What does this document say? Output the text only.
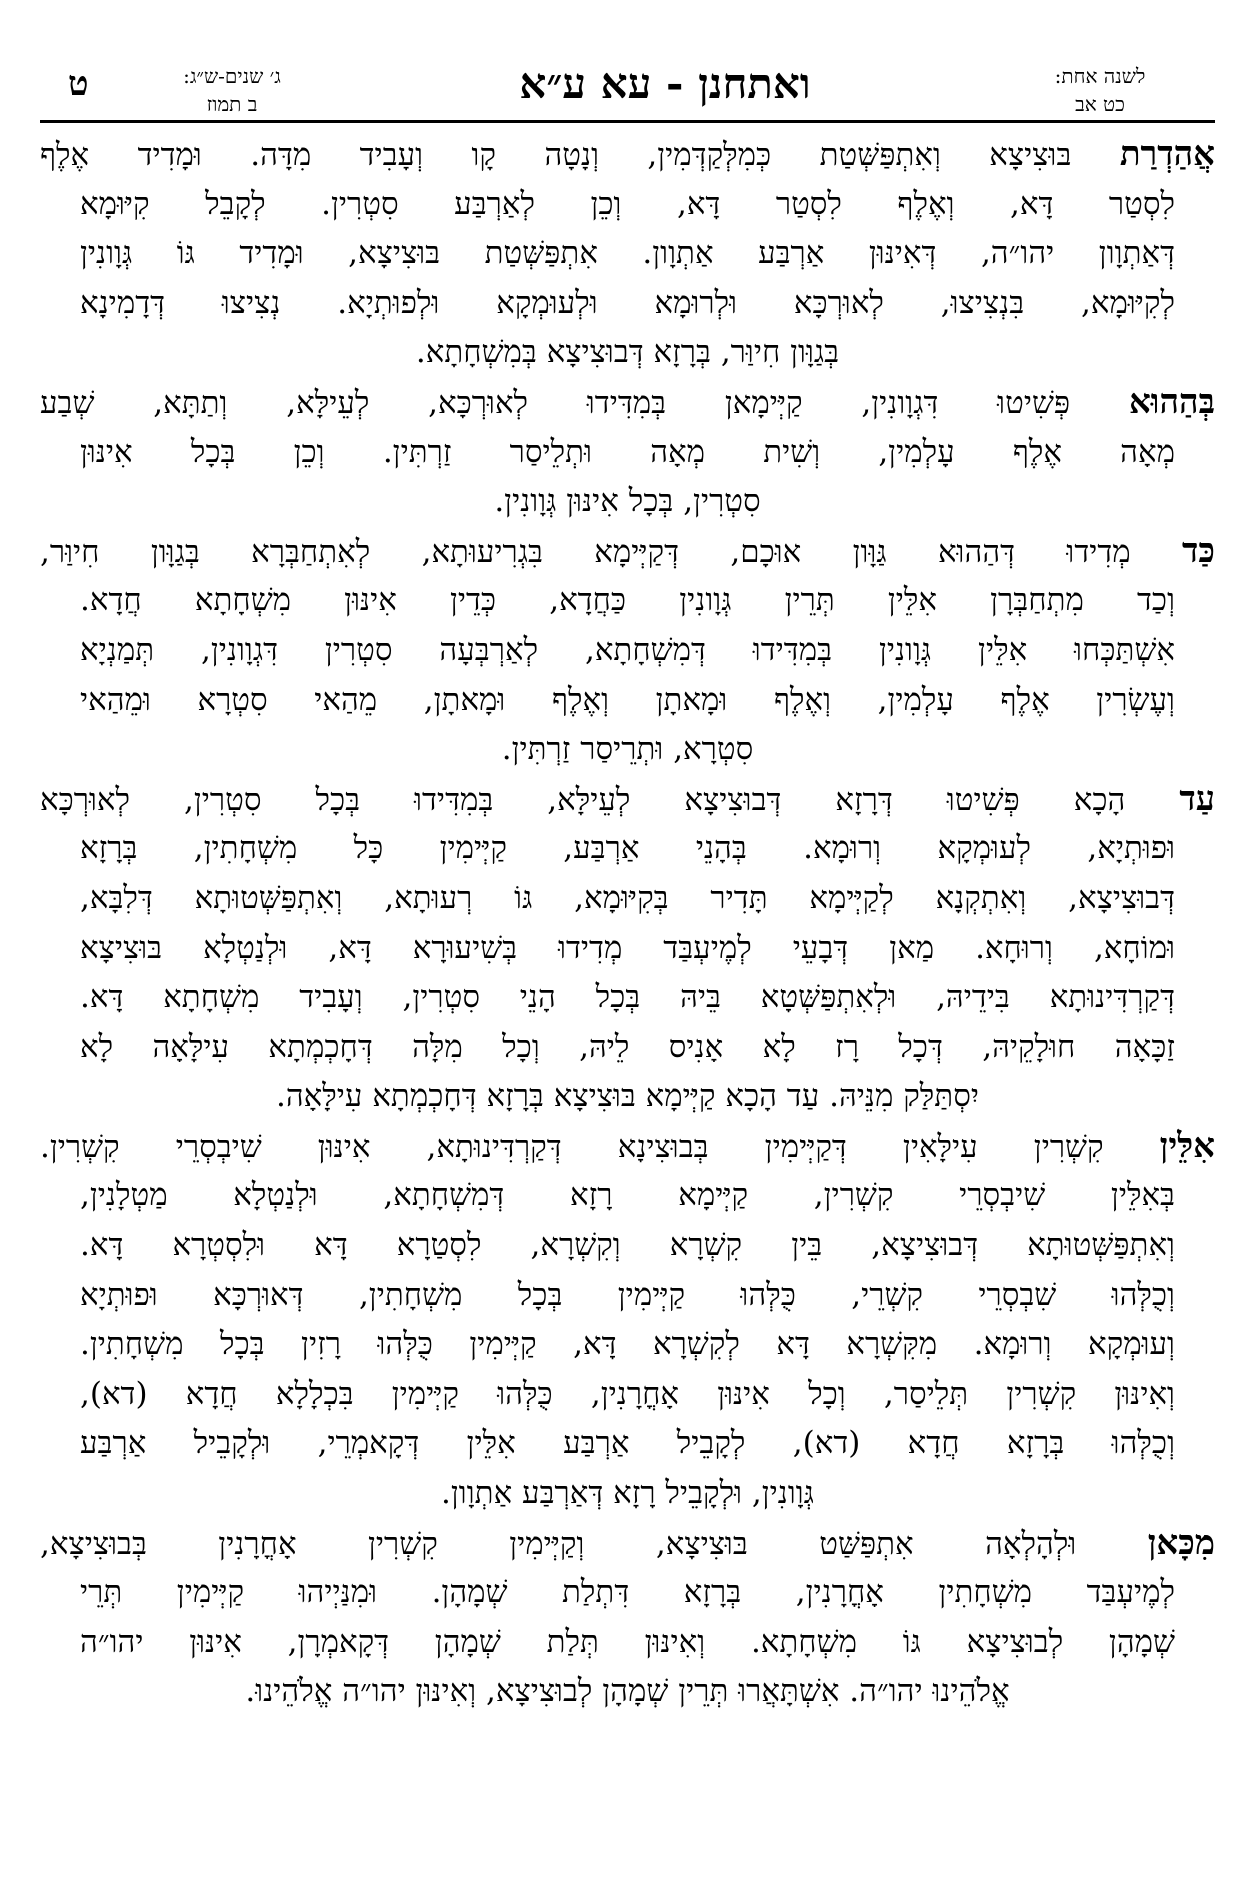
ט	ג׳ שנים-ש״ג:
ב תמוז	ואתחנן - עא ע״א	לשנה אחת:
כט אב
אֲהַדְרַת בּוּצִיצָא וְאִתְפַּשְּׁטַת כְּמִלְּקַדְּמִין, וְנָטָה קָו וְעָבִיד מִדָּה. וּמָדִיד אֶלֶף
לִסְטַר דָּא, וְאֶלֶף לִסְטַר דָּא, וְכֵן לְאַרְבַּע סִטְרִין. לְקָבֵל קִיּוּמָא
דְּאַתְוָון יהו״ה, דְּאִינּוּן אַרְבַּע אַתְוָון. אִתְפַּשְּׁטַת בּוּצִיצָא, וּמָדִיד גּוֹ גְּוָונִין
לְקִיּוּמָא, בִּנְצִיצוּ, לְאוּרְכָּא וּלְרוּמָא וּלְעוּמְקָא וּלְפוּתְיָא. נְצִיצוּ דְּדָמִינָא
בְּגַוָּון חִיוַּר, בְּרָזָא דְּבוּצִיצָא בְּמִשְׁחָתָא.
בְּהַהוּא פְּשִׁיטוּ דִּגְוָונִין, קַיְּימָאן בְּמִדִּידוּ לְאוּרְכָּא, לְעֵילָּא, וְתַתָּא, שְׁבַע
מְאָה אֶלֶף עָלְמִין, וְשִׁית מְאָה וּתְלֵיסַר זַרְתִּין. וְכֵן בְּכָל אִינּוּן
סִטְרִין, בְּכָל אִינּוּן גְּוָונִין.
כַּד מְדִידוּ דְּהַהוּא גַּוָּון אוּכָם, דְּקַיְּימָא בִּגְרִיעוּתָא, לְאִתְחַבְּרָא בְּגַוָּון חִיוַּר,
וְכַד מִתְחַבְּרָן אִלֵּין תְּרֵין גְּוָונִין כַּחֲדָא, כְּדֵין אִינּוּן מִשְׁחָתָא חֲדָא.
אִשְׁתַּכְּחוּ אִלֵּין גְּוָונִין בְּמִדִּידוּ דְּמִשְׁחָתָא, לְאַרְבְּעָה סִטְרִין דִּגְוָונִין, תְּמַנְיָא
וְעֶשְׂרִין אֶלֶף עָלְמִין, וְאֶלֶף וּמָאתָן וְאֶלֶף וּמָאתָן, מֵהַאי סִטְרָא וּמֵהַאי
סִטְרָא, וּתְרֵיסַר זַרְתִּין.
עַד הָכָא פְּשִׁיטוּ דְּרָזָא דְּבוּצִיצָא לְעֵילָּא, בְּמִדִּידוּ בְּכָל סִטְרִין, לְאוּרְכָּא
וּפוּתְיָא, לְעוּמְקָא וְרוּמָא. בְּהָנֵי אַרְבַּע, קַיְּימִין כָּל מִשְׁחָתִין, בְּרָזָא
דְּבוּצִיצָא, וְאִתְקְנָא לְקַיְּימָא תָּדִיר בְּקִיּוּמָא, גּוֹ רְעוּתָא, וְאִתְפַּשְּׁטוּתָא דְּלִבָּא,
וּמוֹחָא, וְרוּחָא. מַאן דְּבָעֵי לְמֶיעְבַּד מְדִידוּ בְּשִׁיעוּרָא דָּא, וּלְנַטְלָא בּוּצִיצָא
דְּקַרְדִּינוּתָא בִּידֵיהּ, וּלְאִתְפַּשְּׁטָא בֵּיהּ בְּכָל הָנֵי סִטְרִין, וְעָבִיד מִשְׁחָתָא דָּא.
זַכָּאָה חוּלָקֵיהּ, דְּכָל רָז לָא אָנִיס לֵיהּ, וְכָל מִלָּה דְּחָכְמְתָא עִילָּאָה לָא
יִסְתַּלַּק מִנֵּיהּ. עַד הָכָא קַיְּימָא בּוּצִיצָא בְּרָזָא דְּחָכְמְתָא עִילָּאָה.
אִלֵּין קִשְׁרִין עִילָּאִין דְּקַיְּימִין בְּבוּצִינָא דְּקַרְדִּינוּתָא, אִינּוּן שִׁיבְסְרֵי קִשְׁרִין.
בְּאִלֵּין שִׁיבְסְרֵי קִשְׁרִין, קַיְּימָא רָזָא דְּמִשְׁחָתָא, וּלְנַטְלָא מַטְלָנִין,
וְאִתְפַּשְּׁטוּתָא דְּבוּצִיצָא, בֵּין קִשְׁרָא וְקִשְׁרָא, לִסְטַרָא דָּא וּלִסְטְרָא דָּא.
וְכֻלְּהוּ שִׁבְסְרֵי קִשְׁרֵי, כֻּלְּהוּ קַיְּימִין בְּכָל מִשְׁחָתִין, דְּאוּרְכָּא וּפוּתְיָא
וְעוּמְקָא וְרוּמָא. מִקִּשְׁרָא דָּא לְקִשְׁרָא דָּא, קַיְּימִין כֻּלְּהוּ רָזִין בְּכָל מִשְׁחָתִין.
וְאִינּוּן קִשְׁרִין תְּלֵיסַר, וְכָל אִינּוּן אָחֳרָנִין, כֻּלְּהוּ קַיְּימִין בִּכְלָלָא חֲדָא (דא),
וְכֻלְּהוּ בְּרָזָא חֲדָא (דא), לְקָבֵיל אַרְבַּע אִלֵּין דְּקָאמְרֵי, וּלְקָבֵיל אַרְבַּע
גְּוָונִין, וּלְקָבֵיל רָזָא דְּאַרְבַּע אַתְוָון.
מִכָּאן וּלְהָלְאָה אִתְפַּשַּׁט בּוּצִיצָא, וְקַיְּימִין קִשְׁרִין אָחֳרָנִין בְּבוּצִיצָא,
לְמֶיעְבַּד מִשְׁחָתִין אָחֳרָנִין, בְּרָזָא דִּתְלַת שְׁמָהָן. וּמִנַּיְיהוּ קַיְּימִין תְּרֵי
שְׁמָהָן לְבוּצִיצָא גּוֹ מִשְׁחָתָא. וְאִינּוּן תְּלַת שְׁמָהָן דְּקָאמְרָן, אִינּוּן יהו״ה
אֱלֹהֵינוּ יהו״ה. אִשְׁתָּאֲרוּ תְּרֵין שְׁמָהָן לְבוּצִיצָא, וְאִינּוּן יהו״ה אֱלֹהֵינוּ.
